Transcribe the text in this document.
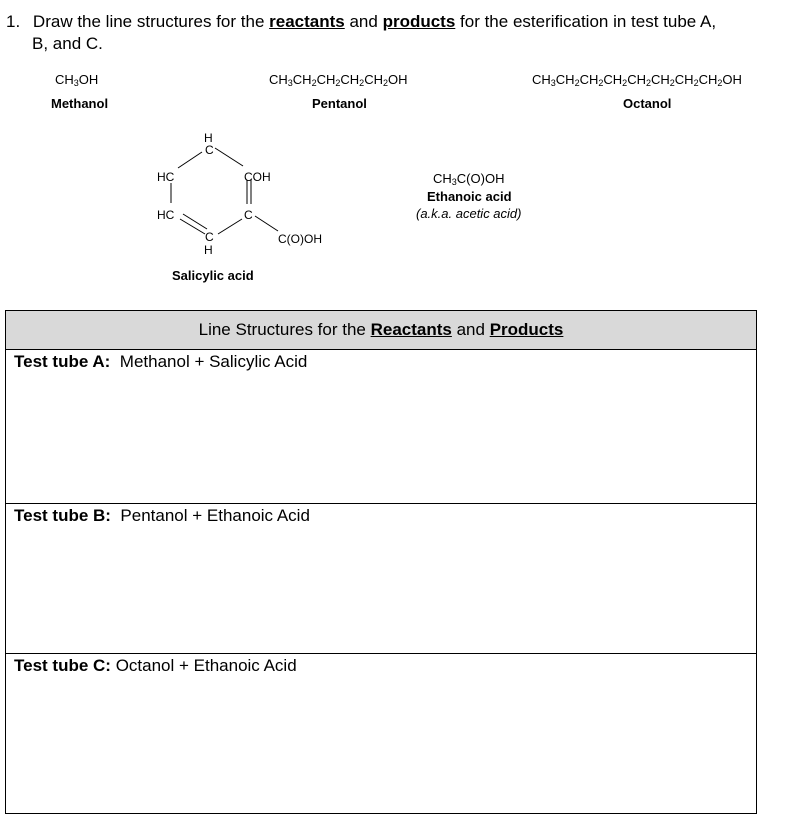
1. Draw the line structures for the reactants and products for the esterification in test tube A,
B, and C.
$CH_3OH$
Methanol
$CH_3CH_2CH_2CH_2CH_2OH$
Pentanol
$CH_3CH_2CH_2CH_2CH_2CH_2CH_2CH_2OH$
Octanol
H
C
HC	COH
HC	C
C
H
C(O)OH
Salicylic acid
$CH_3C(O)OH$
Ethanoic acid
(a.k.a. acetic acid)
Line Structures for the Reactants and Products
Test tube A:  Methanol + Salicylic Acid
Test tube B:  Pentanol + Ethanoic Acid
Test tube C: Octanol + Ethanoic Acid
